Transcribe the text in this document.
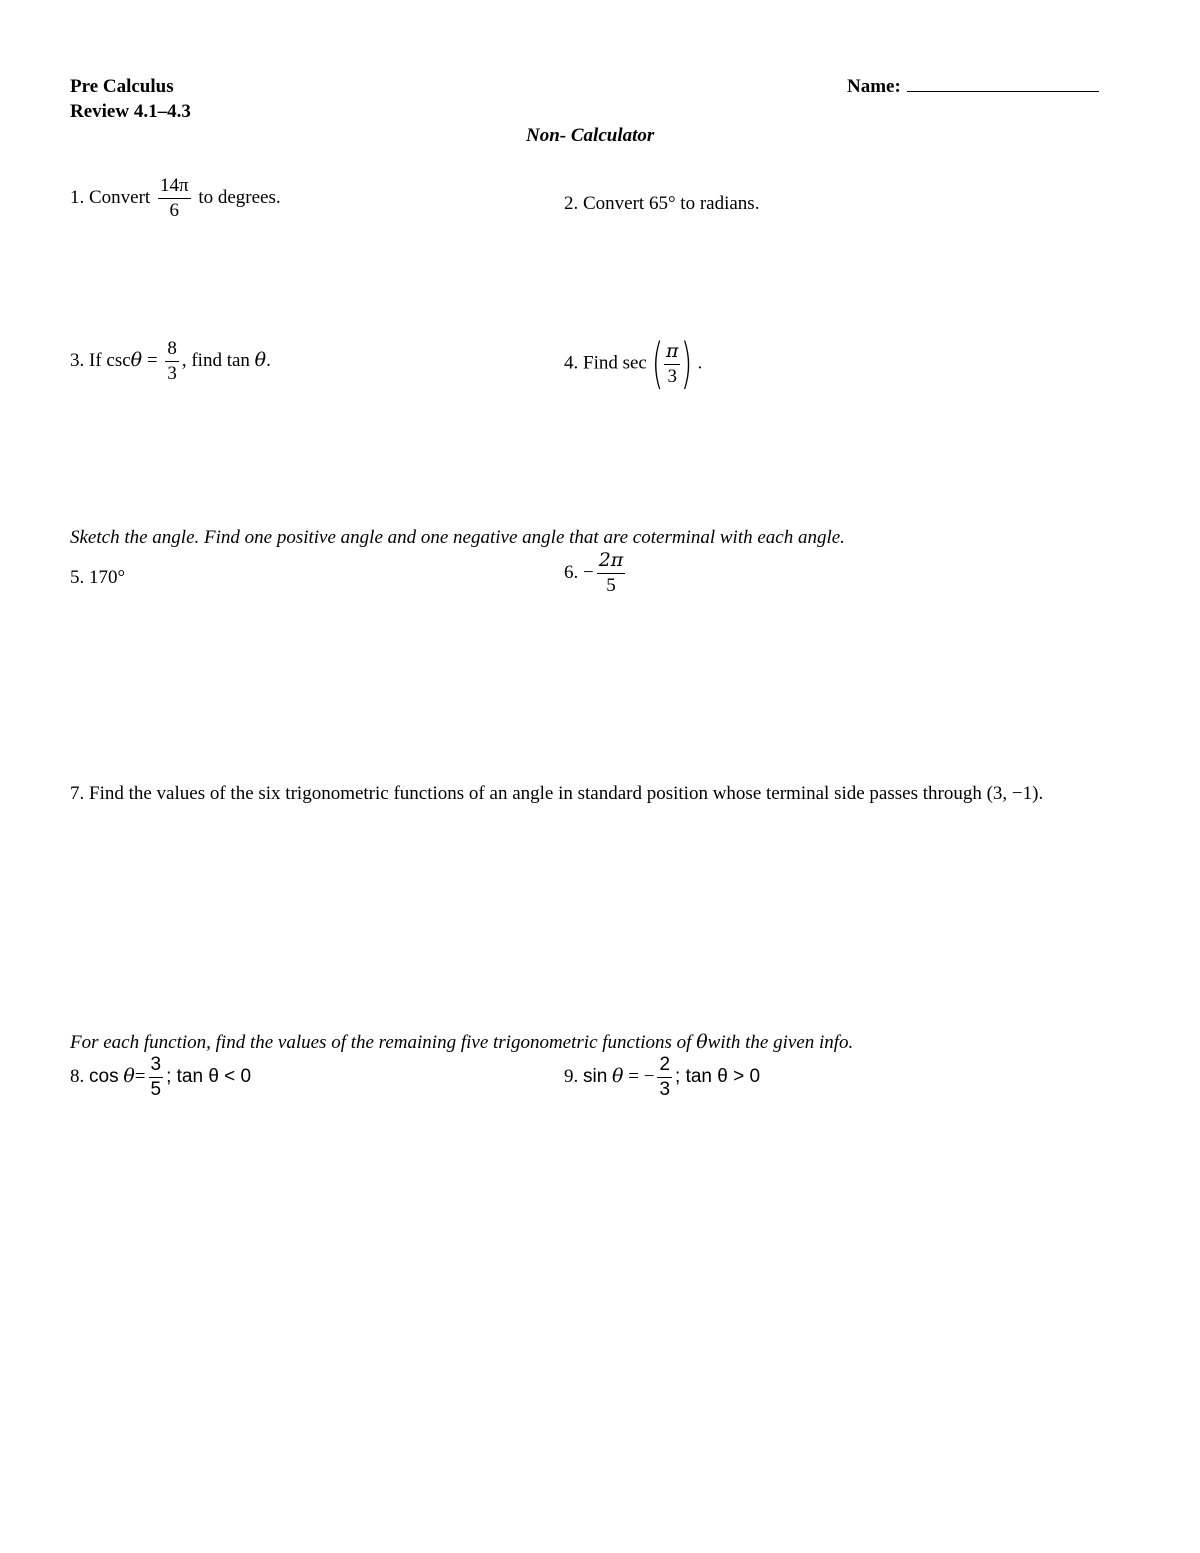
Pre Calculus
Review 4.1–4.3
Name:
Non- Calculator
1. Convert $\frac{14\pi}{6}$ to degrees.	2. Convert 65° to radians.
3. If $\csc\theta = \frac{8}{3}$ , find tan θ.	4. Find $\sec( \frac{\pi}{3}$ ) .
Sketch the angle. Find one positive angle and one negative angle that are coterminal with each angle.
5. 170°	6. − $\frac{2\pi}{5}$
7. Find the values of the six trigonometric functions of an angle in standard position whose terminal side passes through (3, −1).
For each function, find the values of the remaining five trigonometric functions of θwith the given info.
8. $\cos \theta= \frac{3}{5}$ ; tan θ < 0	9. sin θ = − $\frac{2}{3}$ ; tan θ > 0
